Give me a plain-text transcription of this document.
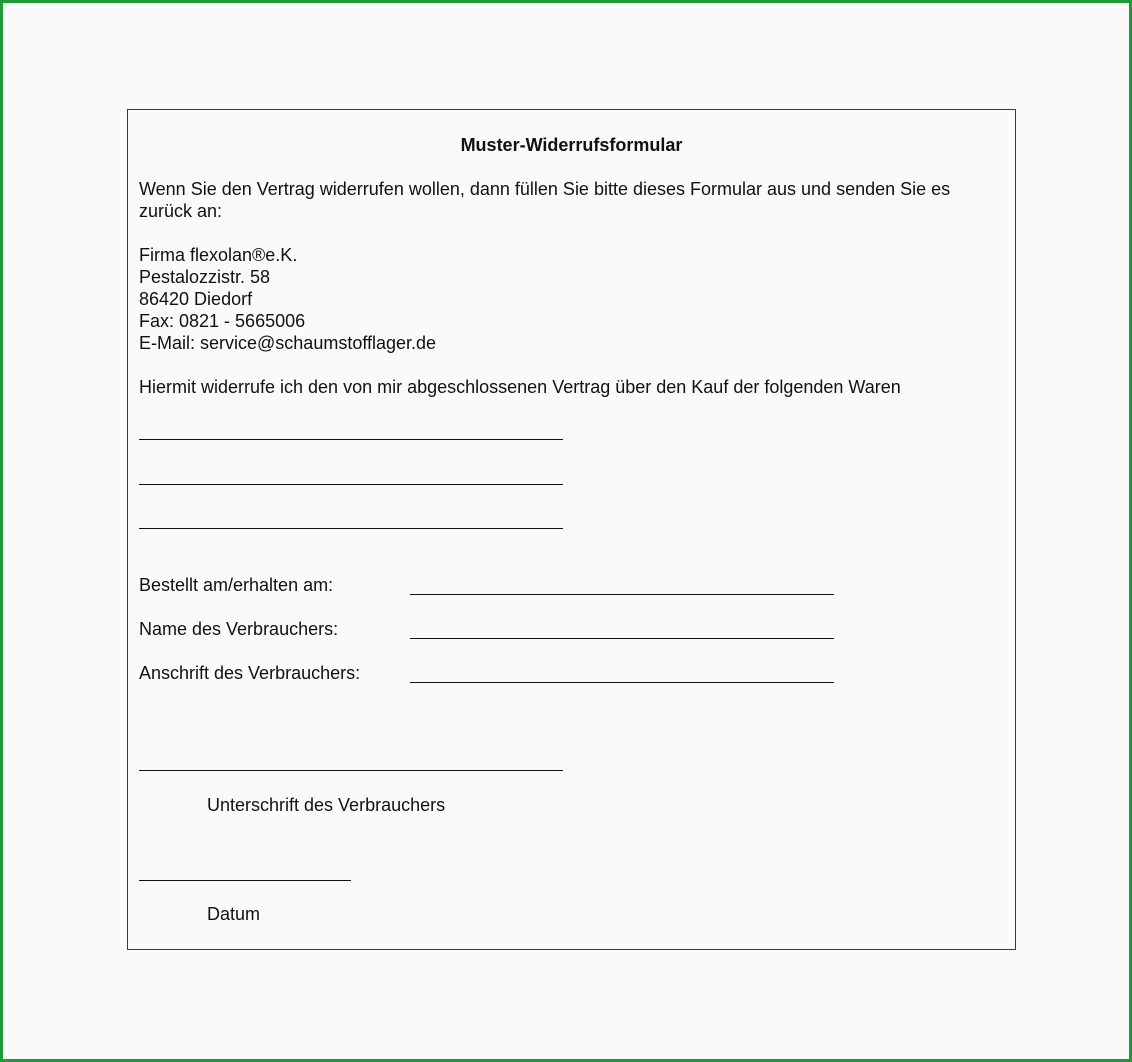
Muster-Widerrufsformular
Wenn Sie den Vertrag widerrufen wollen, dann füllen Sie bitte dieses Formular aus und senden Sie es zurück an:
Firma flexolan®e.K.
Pestalozzistr. 58
86420 Diedorf
Fax: 0821 - 5665006
E-Mail: service@schaumstofflager.de
Hiermit widerrufe ich den von mir abgeschlossenen Vertrag über den Kauf der folgenden Waren
Bestellt am/erhalten am:
Name des Verbrauchers:
Anschrift des Verbrauchers:
Unterschrift des Verbrauchers
Datum
